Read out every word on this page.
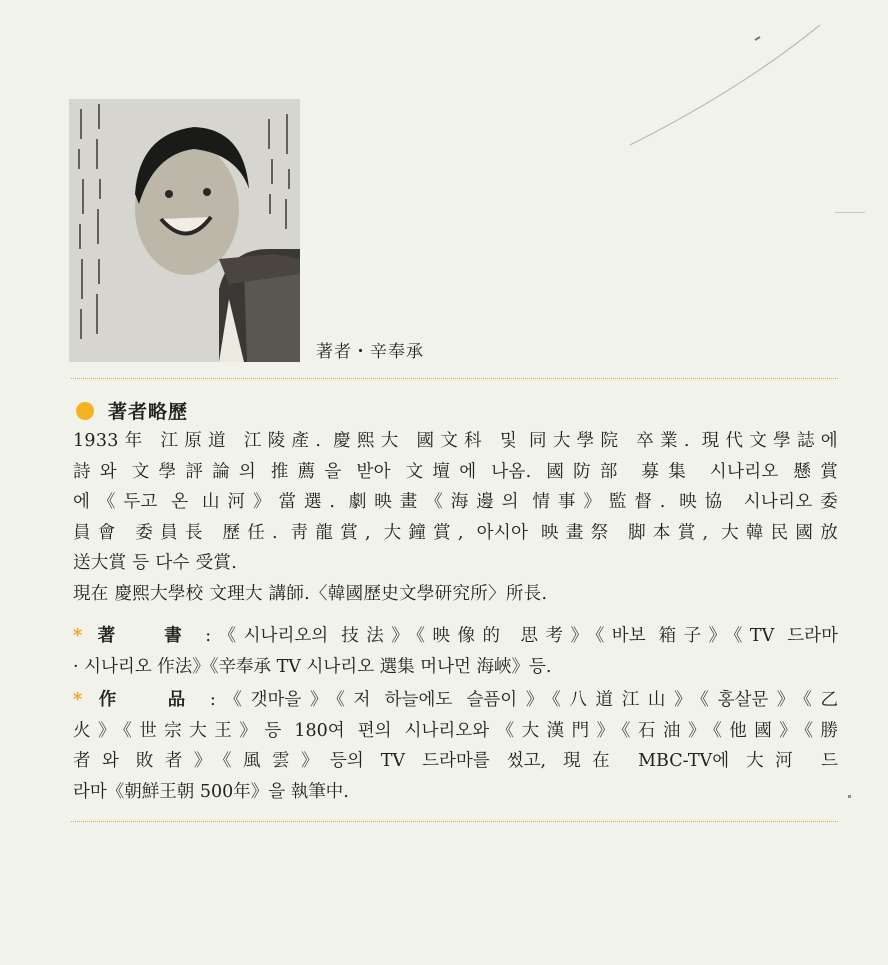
著者・辛奉承
著者略歷

1933年 江原道 江陵產. 慶熙大 國文科 및 同大學院 卒業. 現代文學誌에

詩와 文學評論의 推薦을 받아 文壇에 나옴. 國防部 募集 시나리오 懸賞

에《두고 온 山河》當選. 劇映畫《海邊의 情事》監督. 映協 시나리오委

員會 委員長 歷任. 靑龍賞, 大鐘賞, 아시아 映畫祭 脚本賞, 大韓民國放

送大賞 등 다수 受賞.

現在 慶熙大學校 文理大 講師.〈韓國歷史文學研究所〉所長.

* 著 書 :《시나리오의 技法》《映像的 思考》《바보 箱子》《TV 드라마
· 시나리오 作法》《辛奉承 TV 시나리오 選集 머나먼 海峽》등.
* 作 品 :《갯마을》《저 하늘에도 슬픔이》《八道江山》《홍살문》《乙
火》《世宗大王》등 180여 편의 시나리오와《大漢門》《石油》《他國》《勝
者와 敗者》《風雲》등의 TV 드라마를 썼고, 現在 MBC-TV에 大河 드
라마《朝鮮王朝 500年》을 執筆中.
